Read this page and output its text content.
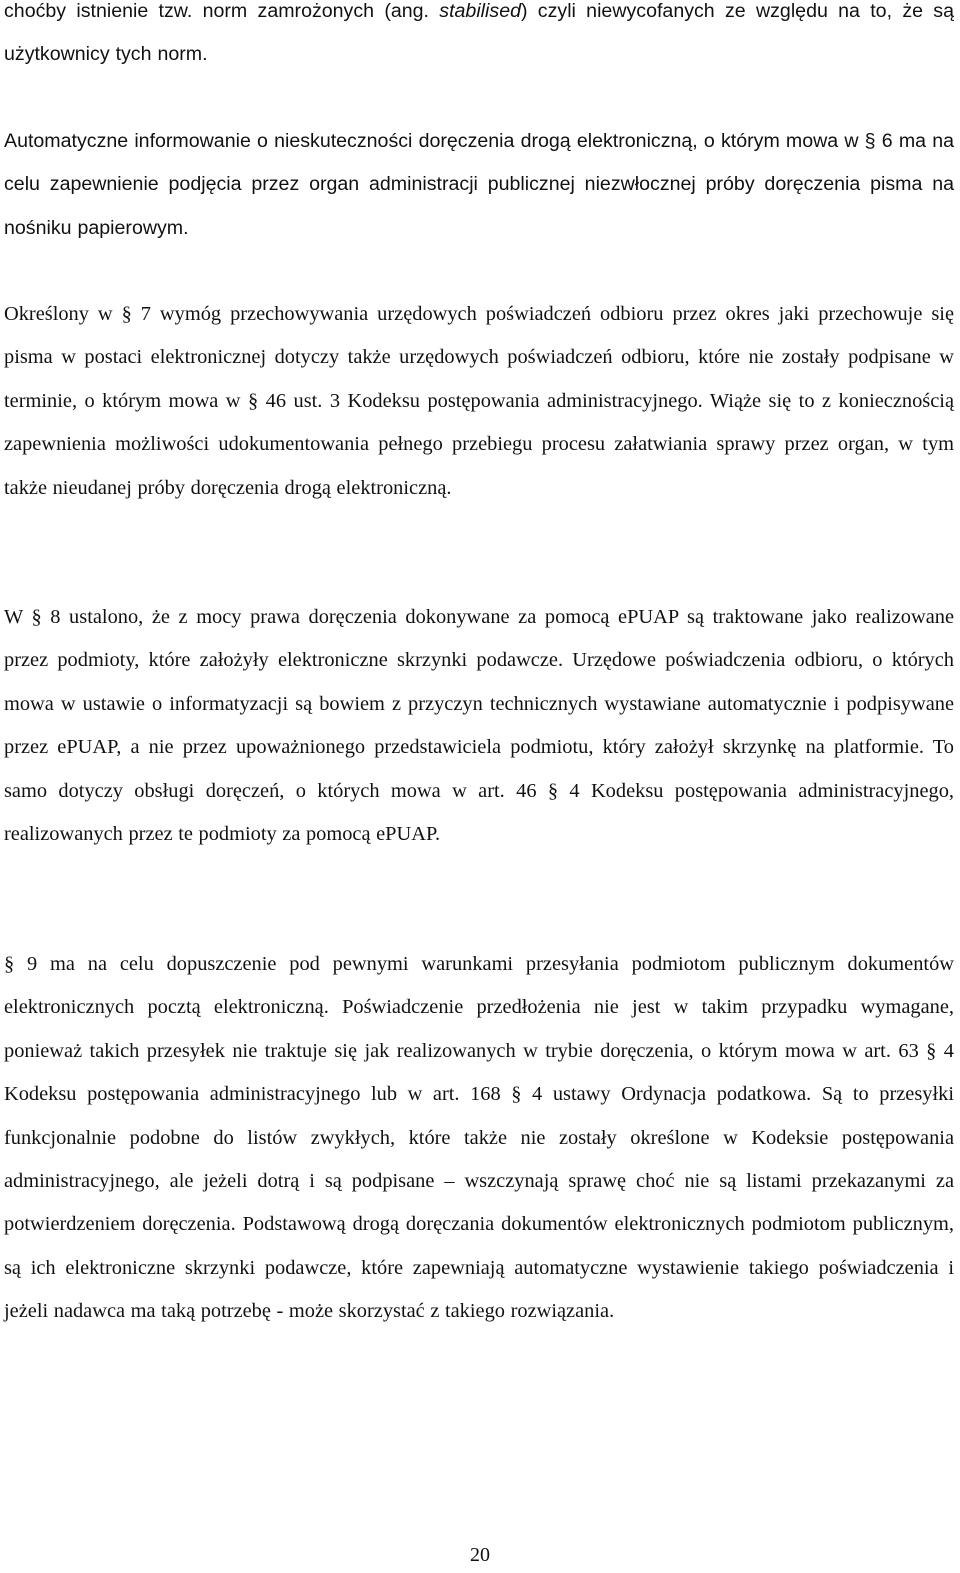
choćby istnienie tzw. norm zamrożonych (ang. stabilised) czyli niewycofanych ze względu na to, że są użytkownicy tych norm.

Automatyczne informowanie o nieskuteczności doręczenia drogą elektroniczną, o którym mowa w § 6 ma na celu zapewnienie podjęcia przez organ administracji publicznej niezwłocznej próby doręczenia pisma na nośniku papierowym.

Określony w § 7 wymóg przechowywania urzędowych poświadczeń odbioru przez okres jaki przechowuje się pisma w postaci elektronicznej dotyczy także urzędowych poświadczeń odbioru, które nie zostały podpisane w terminie, o którym mowa w § 46 ust. 3 Kodeksu postępowania administracyjnego. Wiąże się to z koniecznością zapewnienia możliwości udokumentowania pełnego przebiegu procesu załatwiania sprawy przez organ, w tym także nieudanej próby doręczenia drogą elektroniczną.

W § 8 ustalono, że z mocy prawa doręczenia dokonywane za pomocą ePUAP są traktowane jako realizowane przez podmioty, które założyły elektroniczne skrzynki podawcze. Urzędowe poświadczenia odbioru, o których mowa w ustawie o informatyzacji są bowiem z przyczyn technicznych wystawiane automatycznie i podpisywane przez ePUAP, a nie przez upoważnionego przedstawiciela podmiotu, który założył skrzynkę na platformie. To samo dotyczy obsługi doręczeń, o których mowa w art. 46 § 4 Kodeksu postępowania administracyjnego, realizowanych przez te podmioty za pomocą ePUAP.

§ 9 ma na celu dopuszczenie pod pewnymi warunkami przesyłania podmiotom publicznym dokumentów elektronicznych pocztą elektroniczną. Poświadczenie przedłożenia nie jest w takim przypadku wymagane, ponieważ takich przesyłek nie traktuje się jak realizowanych w trybie doręczenia, o którym mowa w art. 63 § 4 Kodeksu postępowania administracyjnego lub w art. 168 § 4 ustawy Ordynacja podatkowa. Są to przesyłki funkcjonalnie podobne do listów zwykłych, które także nie zostały określone w Kodeksie postępowania administracyjnego, ale jeżeli dotrą i są podpisane – wszczynają sprawę choć nie są listami przekazanymi za potwierdzeniem doręczenia. Podstawową drogą doręczania dokumentów elektronicznych podmiotom publicznym, są ich elektroniczne skrzynki podawcze, które zapewniają automatyczne wystawienie takiego poświadczenia i jeżeli nadawca ma taką potrzebę - może skorzystać z takiego rozwiązania.

20
